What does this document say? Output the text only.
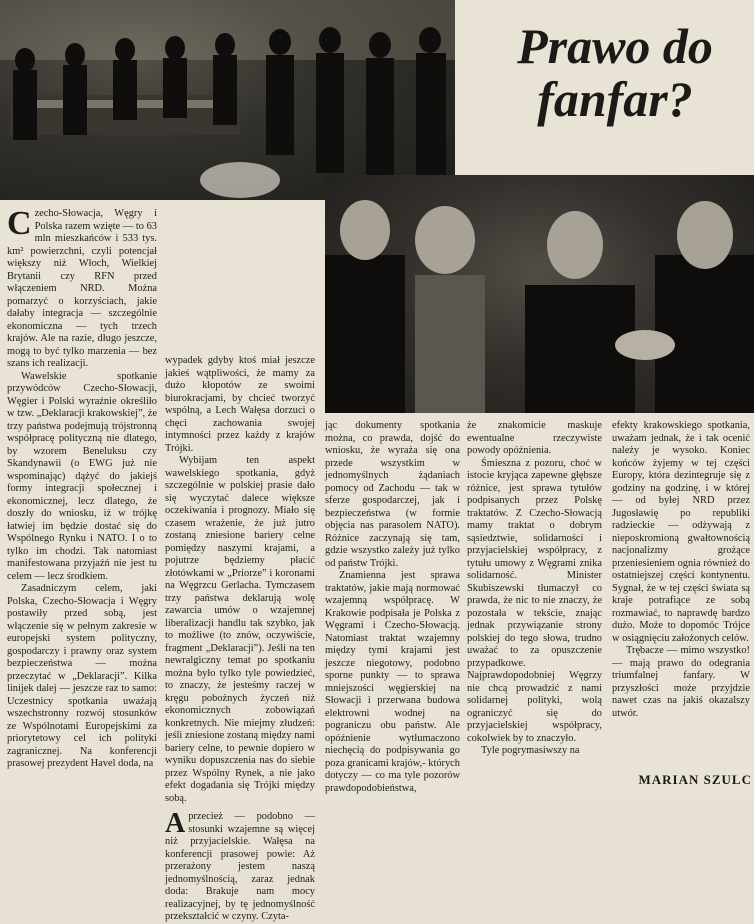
Prawo do fanfar?

Czecho-Słowacja, Węgry i Polska razem wzięte — to 63 mln mieszkańców i 533 tys. km² powierzchni, czyli potencjał większy niż Włoch, Wielkiej Brytanii czy RFN przed włączeniem NRD. Można pomarzyć o korzyściach, jakie dałaby integracja — szczególnie ekonomiczna — tych trzech krajów. Ale na razie, długo jeszcze, mogą to być tylko marzenia — bez szans ich realizacji.

Wawelskie spotkanie przywódców Czecho-Słowacji, Węgier i Polski wyraźnie określiło w tzw. „Deklaracji krakowskiej”, że trzy państwa podejmują trójstronną współpracę polityczną nie dlatego, by wzorem Beneluksu czy Skandynawii (o EWG już nie wspominając) dążyć do jakiejś formy integracji społecznej i ekonomicznej, lecz dlatego, że doszły do wniosku, iż w trójkę łatwiej im będzie dostać się do Wspólnego Rynku i NATO. I o to tylko im chodzi. Tak natomiast manifestowana przyjaźń nie jest tu celem — lecz środkiem.

Zasadniczym celem, jaki Polska, Czecho-Słowacja i Węgry postawiły przed sobą, jest włączenie się w pełnym zakresie w europejski system polityczny, gospodarczy i prawny oraz system bezpieczeństwa — można przeczytać w „Deklaracji”. Kilka linijek dalej — jeszcze raz to samo: Uczestnicy spotkania uważają wszechstronny rozwój stosunków ze Wspólnotami Europejskimi za priorytetowy cel ich polityki zagranicznej. Na konferencji prasowej prezydent Havel doda, na

wypadek gdyby ktoś miał jeszcze jakieś wątpliwości, że mamy za dużo kłopotów ze swoimi biurokracjami, by chcieć tworzyć wspólną, a Lech Wałęsa dorzuci o chęci zachowania swojej intymności przez każdy z krajów Trójki.

Wybijam ten aspekt wawelskiego spotkania, gdyż szczególnie w polskiej prasie dało się wyczytać dalece większe oczekiwania i prognozy. Miało się czasem wrażenie, że już jutro zostaną zniesione bariery celne pomiędzy naszymi krajami, a pojutrze będziemy płacić złotówkami w „Priorze” i koronami na Węgrzcu Gerlacha. Tymczasem trzy państwa deklarują wolę zawarcia umów o wzajemnej liberalizacji handlu tak szybko, jak to możliwe (to znów, oczywiście, fragment „Deklaracji”). Jeśli na ten newralgiczny temat po spotkaniu można było tylko tyle powiedzieć, to znaczy, że jesteśmy raczej w kręgu pobożnych życzeń niż ekonomicznych zobowiązań konkretnych. Nie miejmy złudzeń: jeśli zniesione zostaną między nami bariery celne, to pewnie dopiero w wyniku dopuszczenia nas do siebie przez Wspólny Rynek, a nie jako efekt dogadania się Trójki między sobą.

Aprzecież — podobno — stosunki wzajemne są więcej niż przyjacielskie. Wałęsa na konferencji prasowej powie: Aż przerażony jestem naszą jednomyślnością, zaraz jednak doda: Brakuje nam mocy realizacyjnej, by tę jednomyślność przekształcić w czyny. Czyta-

jąc dokumenty spotkania można, co prawda, dojść do wniosku, że wyraża się ona przede wszystkim w jednomyślnych żądaniach pomocy od Zachodu — tak w sferze gospodarczej, jak i bezpieczeństwa (w formie objęcia nas parasolem NATO). Różnice zaczynają się tam, gdzie wszystko zależy już tylko od państw Trójki.

Znamienna jest sprawa traktatów, jakie mają normować wzajemną współpracę. W Krakowie podpisała je Polska z Węgrami i Czecho-Słowacją. Natomiast traktat wzajemny między tymi krajami jest jeszcze niegotowy, podobno sporne punkty — to sprawa mniejszości węgierskiej na Słowacji i przerwana budowa elektrowni wodnej na pograniczu obu państw. Ale opóźnienie wytłumaczono niechęcią do podpisywania go poza granicami krajów,- których dotyczy — co ma tyle pozorów prawdopodobieństwa,

że znakomicie maskuje ewentualne rzeczywiste powody opóźnienia.

Śmieszna z pozoru, choć w istocie kryjąca zapewne głębsze różnice, jest sprawa tytułów podpisanych przez Polskę traktatów. Z Czecho-Słowacją mamy traktat o dobrym sąsiedztwie, solidarności i przyjacielskiej współpracy, z tytułu umowy z Węgrami znika solidarność. Minister Skubiszewski tłumaczył co prawda, że nic to nie znaczy, że pozostała w tekście, znając jednak przywiązanie strony polskiej do tego słowa, trudno uważać to za opuszczenie przypadkowe. Najprawdopodobniej Węgrzy nie chcą prowadzić z nami solidarnej polityki, wolą ograniczyć się do przyjacielskiej współpracy, cokolwiek by to znaczyło.

Tyle pogrymasiwszy na

efekty krakowskiego spotkania, uważam jednak, że i tak ocenić należy je wysoko. Koniec końców żyjemy w tej części Europy, która dezintegruje się z godziny na godzinę, i w której — od byłej NRD przez Jugosławię po republiki radzieckie — odżywają z nieposkromioną gwałtownością nacjonalizmy grożące przeniesieniem ognia również do ostatniejszej części kontynentu. Sygnał, że w tej części świata są kraje potrafiące ze sobą rozmawiać, to naprawdę bardzo dużo. Może to dopomóc Trójce w osiągnięciu założonych celów.

Trębacze — mimo wszystko! — mają prawo do odegrania triumfalnej fanfary. W przyszłości może przyjdzie nawet czas na jakiś okazalszy utwór.

MARIAN SZULC
